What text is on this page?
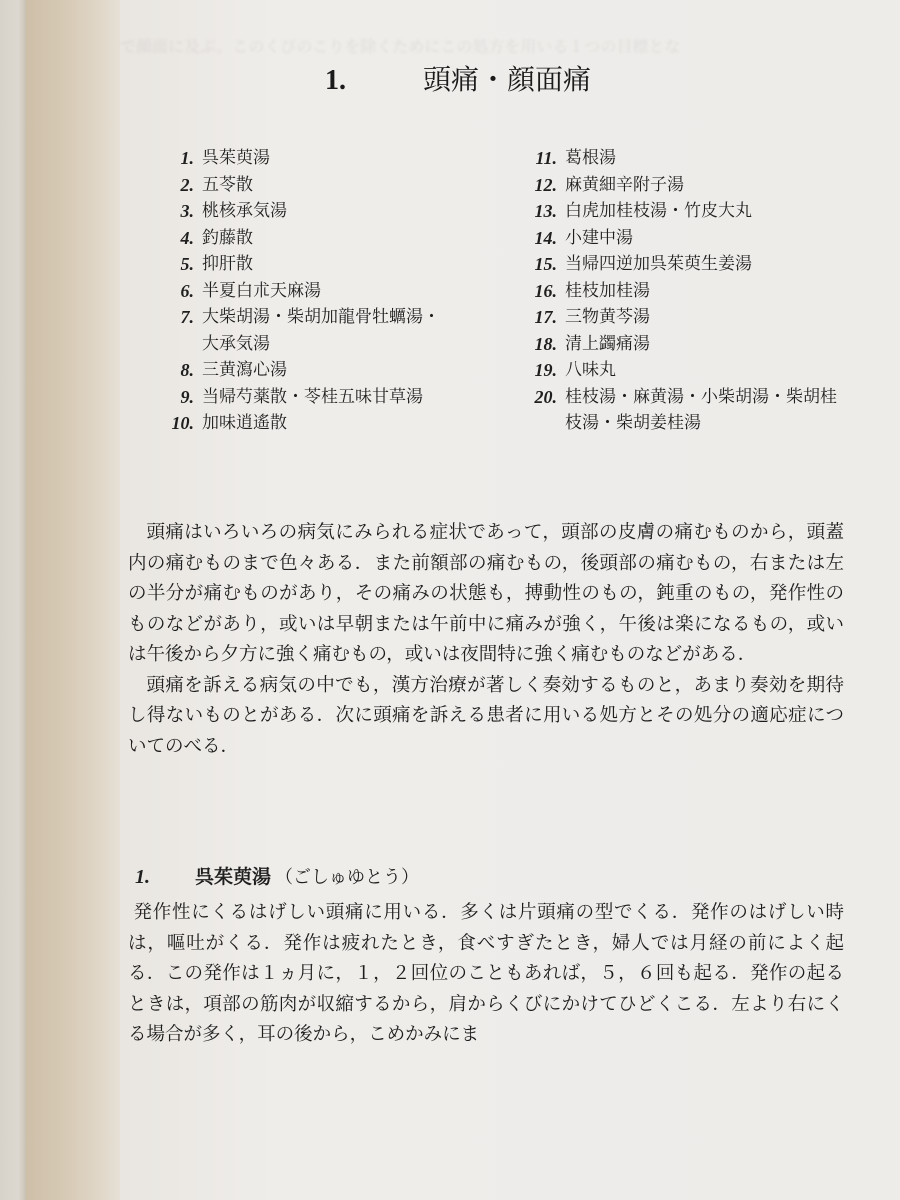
1.	頭痛・顔面痛
1. 呉茱萸湯
2. 五苓散
3. 桃核承気湯
4. 釣藤散
5. 抑肝散
6. 半夏白朮天麻湯
7. 大柴胡湯・柴胡加龍骨牡蠣湯・大承気湯
8. 三黄瀉心湯
9. 当帰芍薬散・苓桂五味甘草湯
10. 加味逍遙散
11. 葛根湯
12. 麻黄細辛附子湯
13. 白虎加桂枝湯・竹皮大丸
14. 小建中湯
15. 当帰四逆加呉茱萸生姜湯
16. 桂枝加桂湯
17. 三物黄芩湯
18. 清上蠲痛湯
19. 八味丸
20. 桂枝湯・麻黄湯・小柴胡湯・柴胡桂枝湯・柴胡姜桂湯

頭痛はいろいろの病気にみられる症状であって，頭部の皮膚の痛むものから，頭蓋内の痛むものまで色々ある．また前額部の痛むもの，後頭部の痛むもの，右または左の半分が痛むものがあり，その痛みの状態も，搏動性のもの，鈍重のもの，発作性のものなどがあり，或いは早朝または午前中に痛みが強く，午後は楽になるもの，或いは午後から夕方に強く痛むもの，或いは夜間特に強く痛むものなどがある．

頭痛を訴える病気の中でも，漢方治療が著しく奏効するものと，あまり奏効を期待し得ないものとがある．次に頭痛を訴える患者に用いる処方とその処分の適応症についてのべる．

1.	呉茱萸湯 （ごしゅゆとう）

発作性にくるはげしい頭痛に用いる．多くは片頭痛の型でくる．発作のはげしい時は，嘔吐がくる．発作は疲れたとき，食べすぎたとき，婦人では月経の前によく起る．この発作は１ヵ月に，１，２回位のこともあれば，５，６回も起る．発作の起るときは，項部の筋肉が収縮するから，肩からくびにかけてひどくこる．左より右にくる場合が多く，耳の後から，こめかみにま
